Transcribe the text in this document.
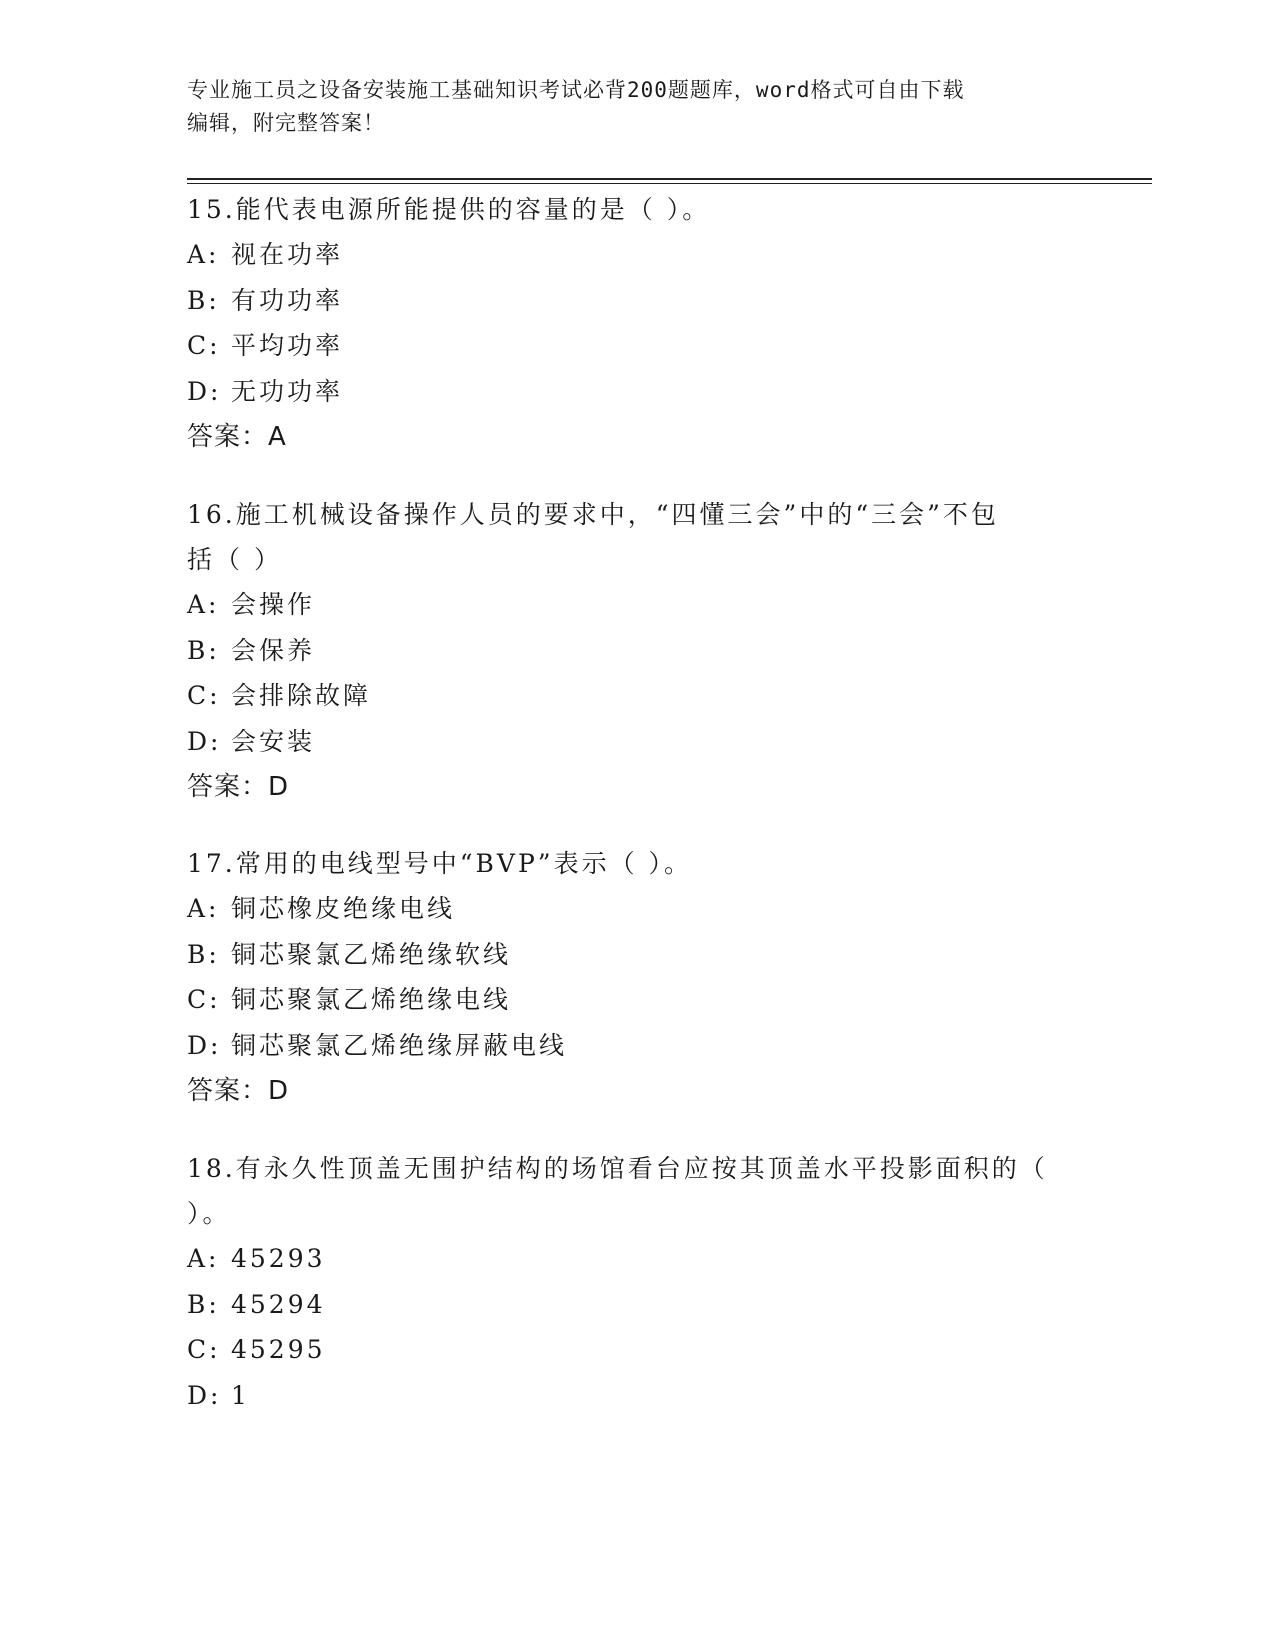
专业施工员之设备安装施工基础知识考试必背200题题库，word格式可自由下载
编辑，附完整答案！
15.能代表电源所能提供的容量的是（ ）。
A: 视在功率
B: 有功功率
C: 平均功率
D: 无功功率
答案：A
16.施工机械设备操作人员的要求中，“四懂三会”中的“三会”不包
括（ ）
A: 会操作
B: 会保养
C: 会排除故障
D: 会安装
答案：D
17.常用的电线型号中“BVP”表示（ ）。
A: 铜芯橡皮绝缘电线
B: 铜芯聚氯乙烯绝缘软线
C: 铜芯聚氯乙烯绝缘电线
D: 铜芯聚氯乙烯绝缘屏蔽电线
答案：D
18.有永久性顶盖无围护结构的场馆看台应按其顶盖水平投影面积的（
）。
A: 45293
B: 45294
C: 45295
D: 1
